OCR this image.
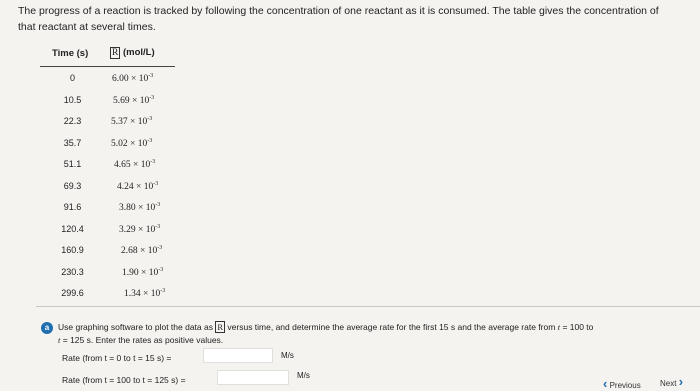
The progress of a reaction is tracked by following the concentration of one reactant as it is consumed. The table gives the concentration of that reactant at several times.
Time (s) R (mol/L)
0	$6.00 \times 10^{-3}$
10.5	$5.69 \times 10^{-3}$
22.3	$5.37 \times 10^{-3}$
35.7	$5.02 \times 10^{-3}$
51.1	$4.65 \times 10^{-3}$
69.3	$4.24 \times 10^{-3}$
91.6	$3.80 \times 10^{-3}$
120.4	$3.29 \times 10^{-3}$
160.9	$2.68 \times 10^{-3}$
230.3	$1.90 \times 10^{-3}$
299.6	$1.34 \times 10^{-3}$
a	Use graphing software to plot the data as R versus time, and determine the average rate for the first 15 s and the average rate from t = 100 to
t = 125 s. Enter the rates as positive values.
Rate (from t = 0 to t = 15 s) =	M/s
Rate (from t = 100 to t = 125 s) =	M/s
‹ Previous Next ›
